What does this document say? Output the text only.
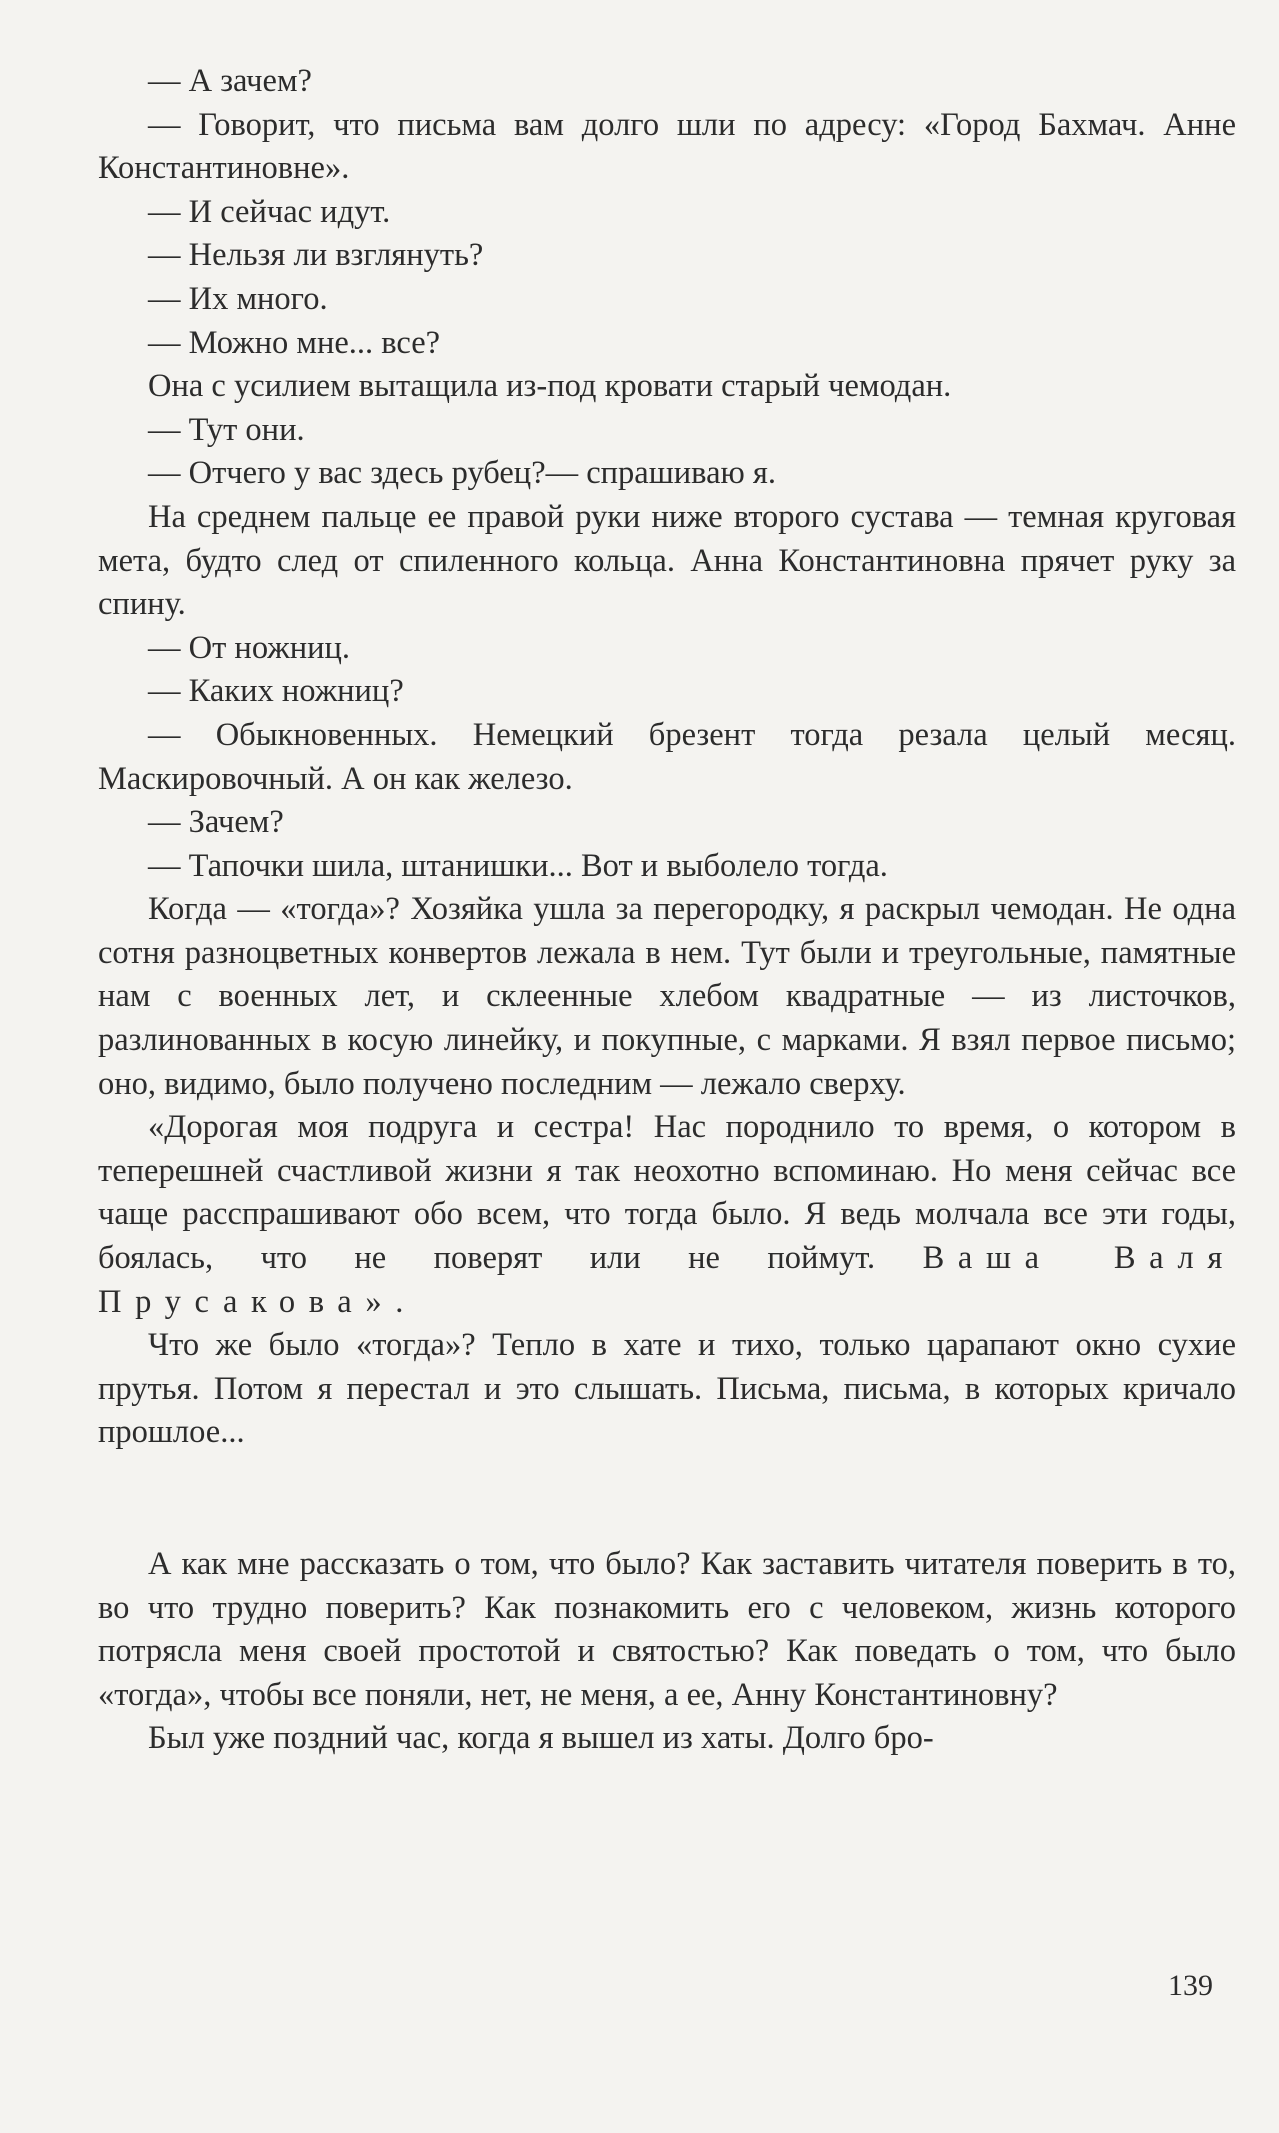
— А зачем?

— Говорит, что письма вам долго шли по адресу: «Город Бахмач. Анне Константиновне».

— И сейчас идут.

— Нельзя ли взглянуть?

— Их много.

— Можно мне... все?

Она с усилием вытащила из-под кровати старый чемодан.

— Тут они.

— Отчего у вас здесь рубец?— спрашиваю я.

На среднем пальце ее правой руки ниже второго сустава — темная круговая мета, будто след от спиленного кольца. Анна Константиновна прячет руку за спину.

— От ножниц.

— Каких ножниц?

— Обыкновенных. Немецкий брезент тогда резала целый месяц. Маскировочный. А он как железо.

— Зачем?

— Тапочки шила, штанишки... Вот и выболело тогда.

Когда — «тогда»? Хозяйка ушла за перегородку, я раскрыл чемодан. Не одна сотня разноцветных конвертов лежала в нем. Тут были и треугольные, памятные нам с военных лет, и склеенные хлебом квадратные — из листочков, разлинованных в косую линейку, и покупные, с марками. Я взял первое письмо; оно, видимо, было получено последним — лежало сверху.

«Дорогая моя подруга и сестра! Нас породнило то время, о котором в теперешней счастливой жизни я так неохотно вспоминаю. Но меня сейчас все чаще расспрашивают обо всем, что тогда было. Я ведь молчала все эти годы, боялась, что не поверят или не поймут. Ваша Валя Прусакова».

Что же было «тогда»? Тепло в хате и тихо, только царапают окно сухие прутья. Потом я перестал и это слышать. Письма, письма, в которых кричало прошлое...

А как мне рассказать о том, что было? Как заставить читателя поверить в то, во что трудно поверить? Как познакомить его с человеком, жизнь которого потрясла меня своей простотой и святостью? Как поведать о том, что было «тогда», чтобы все поняли, нет, не меня, а ее, Анну Константиновну?

Был уже поздний час, когда я вышел из хаты. Долго бро-

139
